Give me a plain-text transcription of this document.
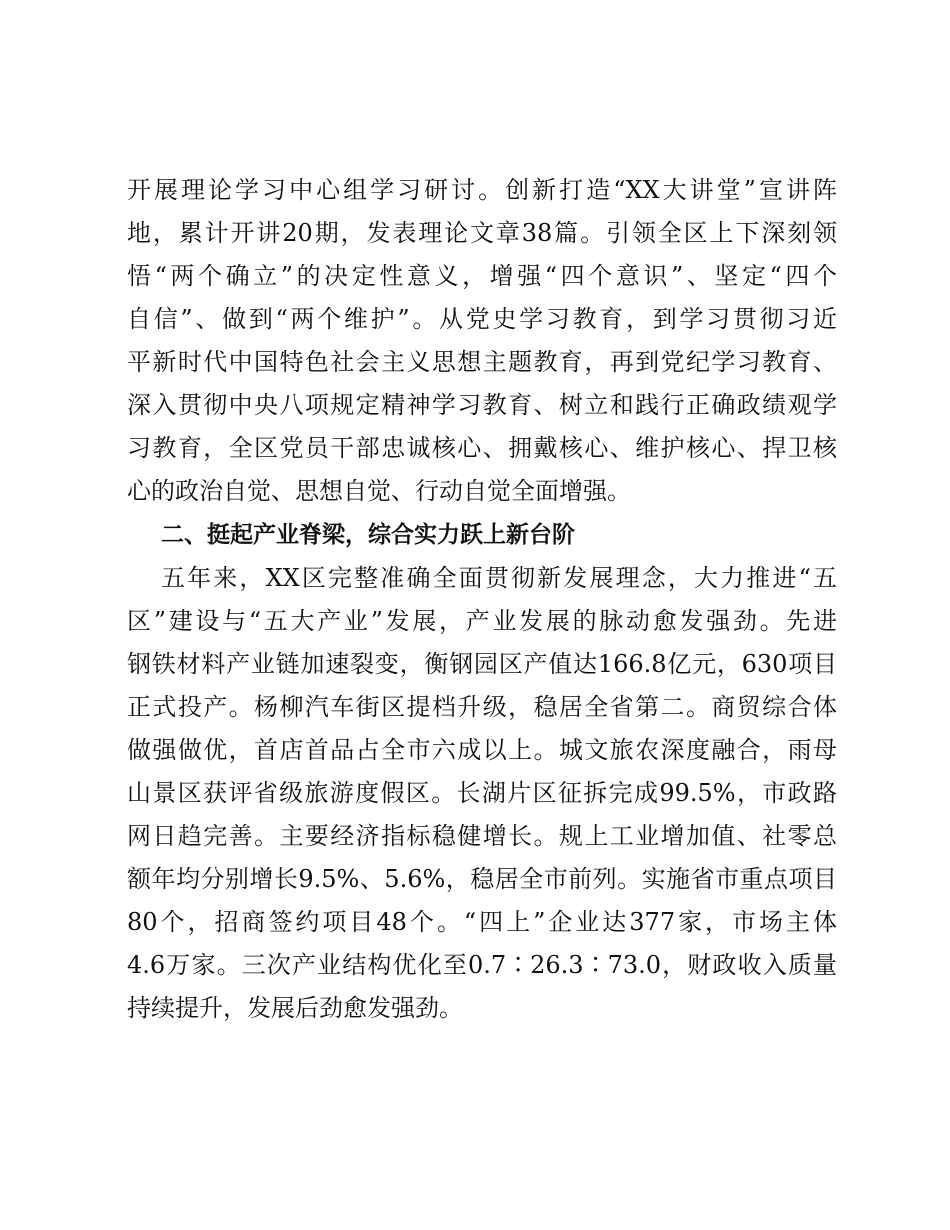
开展理论学习中心组学习研讨。创新打造“XX大讲堂”宣讲阵
地，累计开讲20期，发表理论文章38篇。引领全区上下深刻领
悟“两个确立”的决定性意义，增强“四个意识”、坚定“四个
自信”、做到“两个维护”。从党史学习教育，到学习贯彻习近
平新时代中国特色社会主义思想主题教育，再到党纪学习教育、
深入贯彻中央八项规定精神学习教育、树立和践行正确政绩观学
习教育，全区党员干部忠诚核心、拥戴核心、维护核心、捍卫核
心的政治自觉、思想自觉、行动自觉全面增强。
二、挺起产业脊梁，综合实力跃上新台阶
五年来，XX区完整准确全面贯彻新发展理念，大力推进“五
区”建设与“五大产业”发展，产业发展的脉动愈发强劲。先进
钢铁材料产业链加速裂变，衡钢园区产值达166.8亿元，630项目
正式投产。杨柳汽车街区提档升级，稳居全省第二。商贸综合体
做强做优，首店首品占全市六成以上。城文旅农深度融合，雨母
山景区获评省级旅游度假区。长湖片区征拆完成99.5%，市政路
网日趋完善。主要经济指标稳健增长。规上工业增加值、社零总
额年均分别增长9.5%、5.6%，稳居全市前列。实施省市重点项目
80个，招商签约项目48个。“四上”企业达377家，市场主体
4.6万家。三次产业结构优化至0.7∶26.3∶73.0，财政收入质量
持续提升，发展后劲愈发强劲。
